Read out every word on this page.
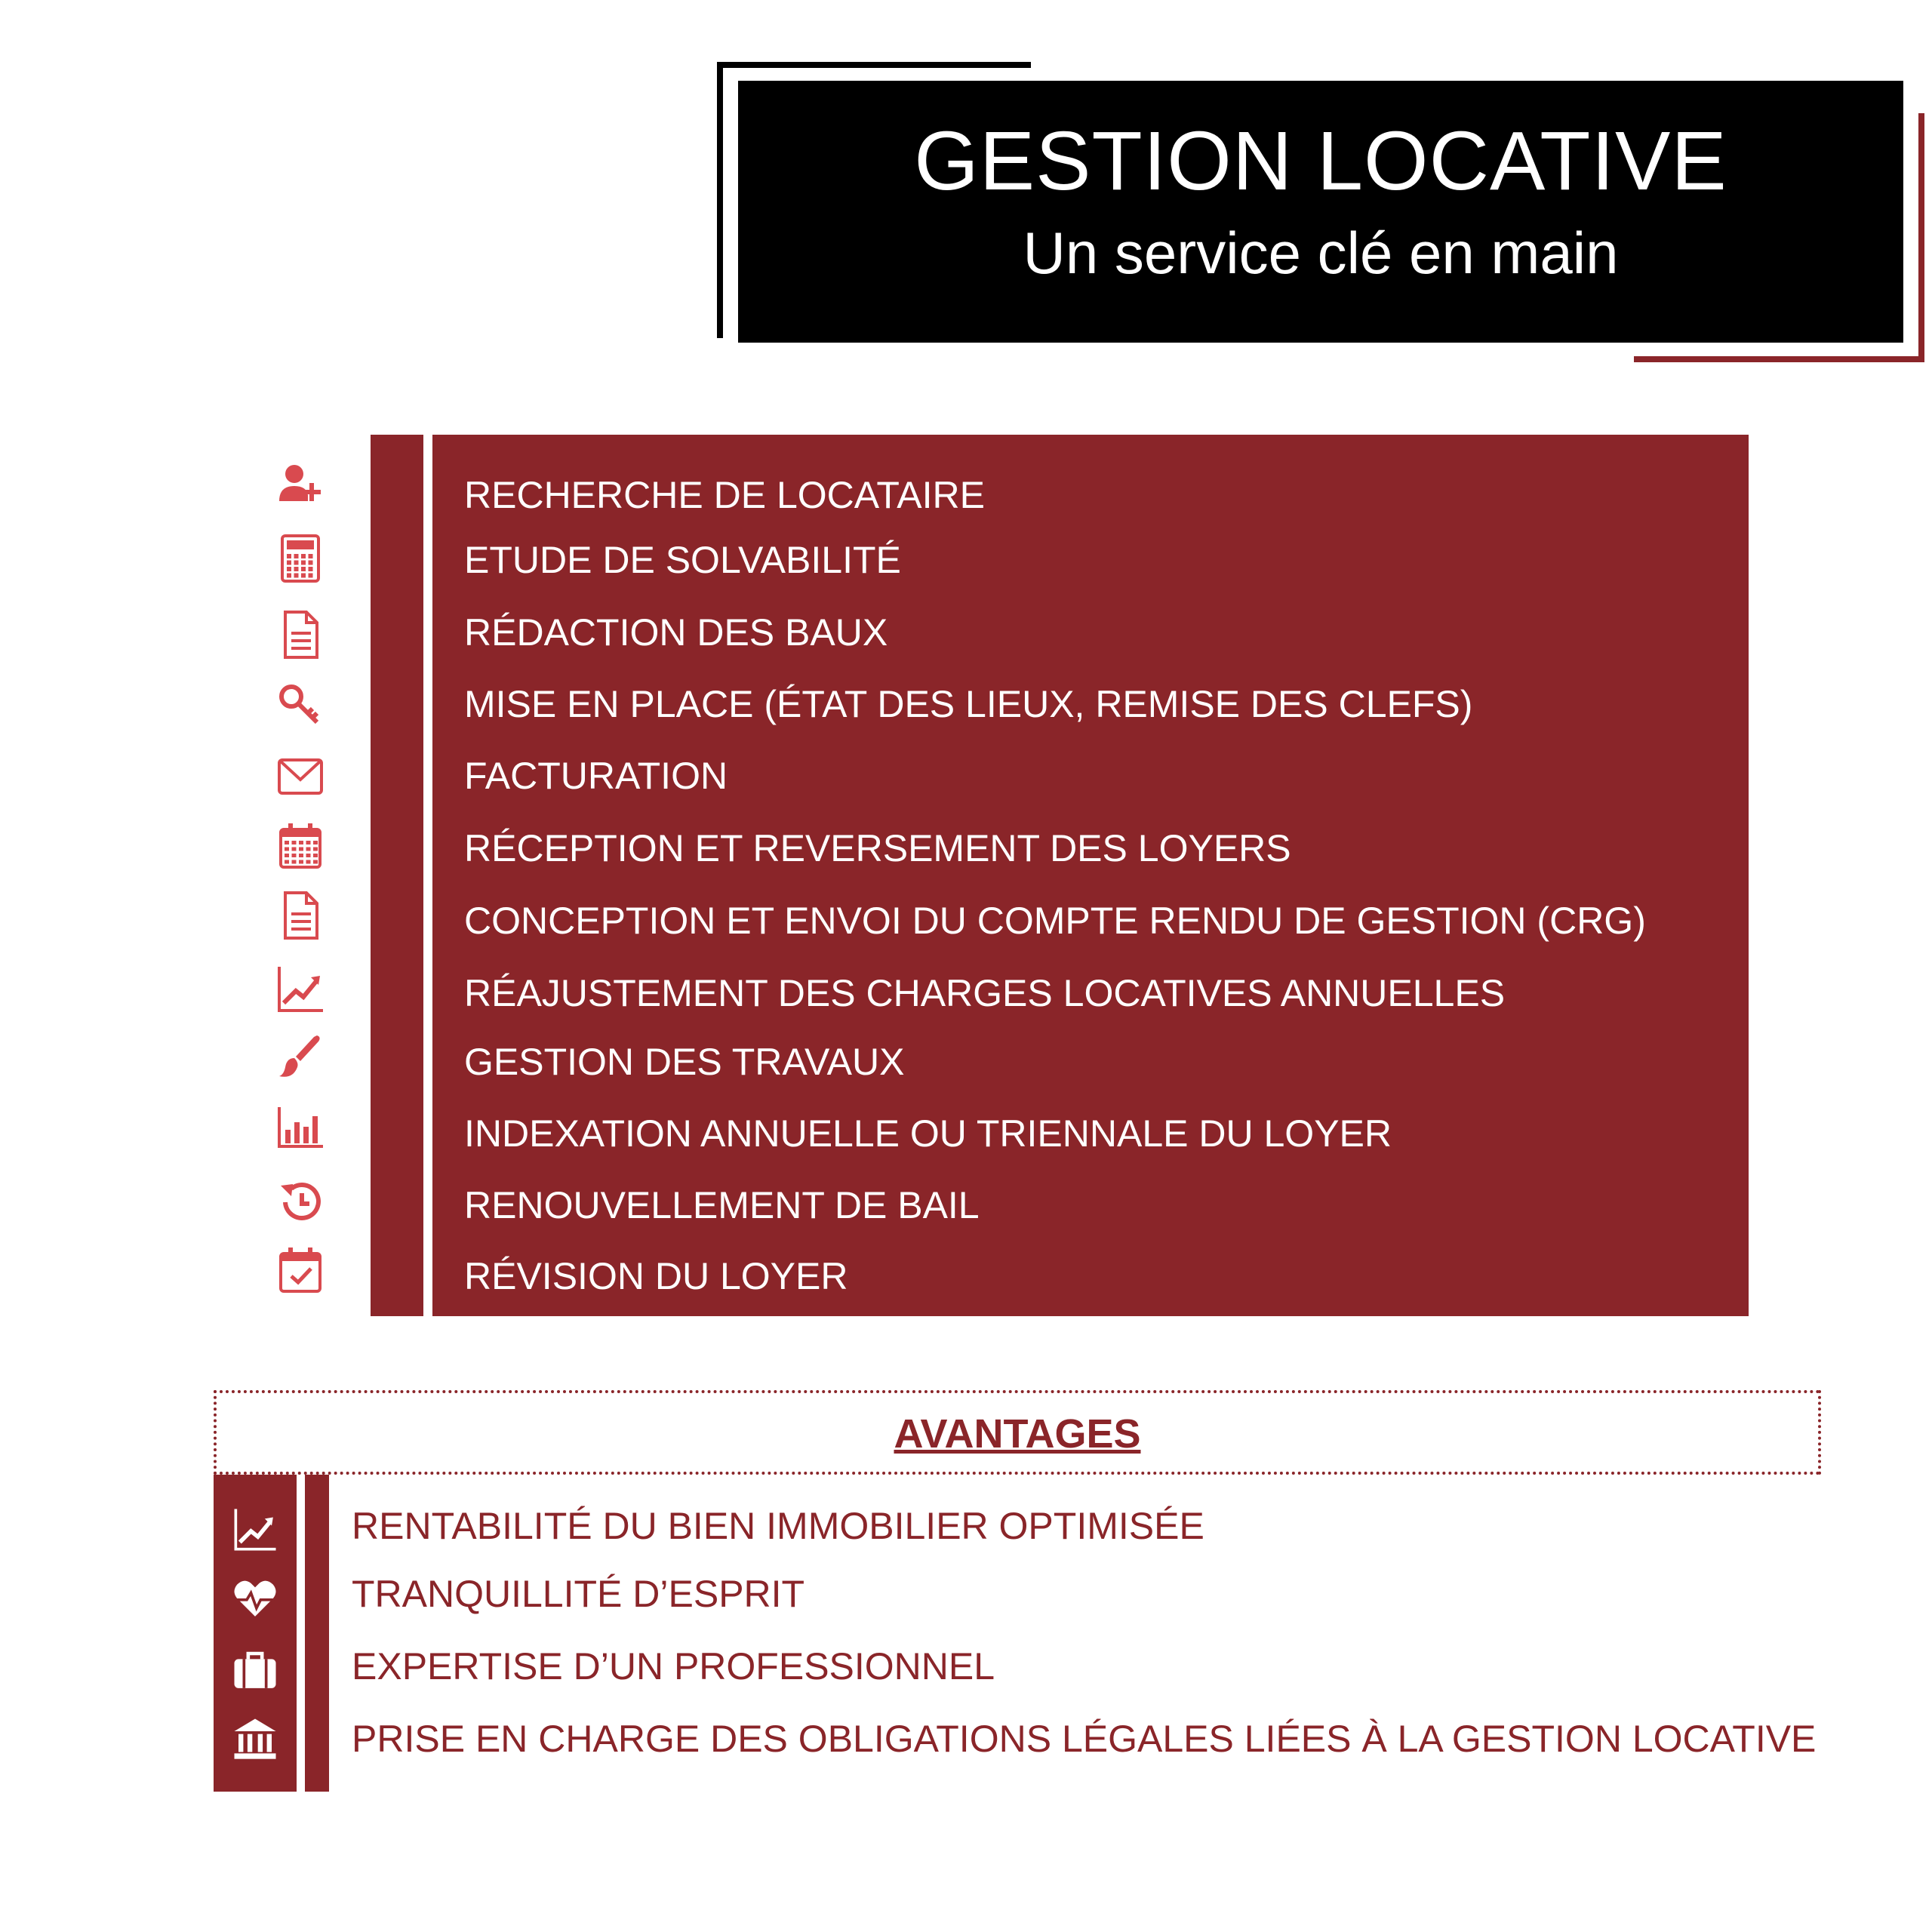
GESTION LOCATIVE
Un service clé en main
RECHERCHE DE LOCATAIRE
ETUDE DE SOLVABILITÉ
RÉDACTION DES BAUX
MISE EN PLACE (ÉTAT DES LIEUX, REMISE DES CLEFS)
FACTURATION
RÉCEPTION ET REVERSEMENT DES LOYERS
CONCEPTION ET ENVOI DU COMPTE RENDU DE GESTION (CRG)
RÉAJUSTEMENT DES CHARGES LOCATIVES ANNUELLES
GESTION DES TRAVAUX
INDEXATION ANNUELLE OU TRIENNALE DU LOYER
RENOUVELLEMENT DE BAIL
RÉVISION DU LOYER
AVANTAGES
RENTABILITÉ DU BIEN IMMOBILIER OPTIMISÉE
TRANQUILLITÉ D’ESPRIT
EXPERTISE D’UN PROFESSIONNEL
PRISE EN CHARGE DES OBLIGATIONS LÉGALES LIÉES À LA GESTION LOCATIVE
